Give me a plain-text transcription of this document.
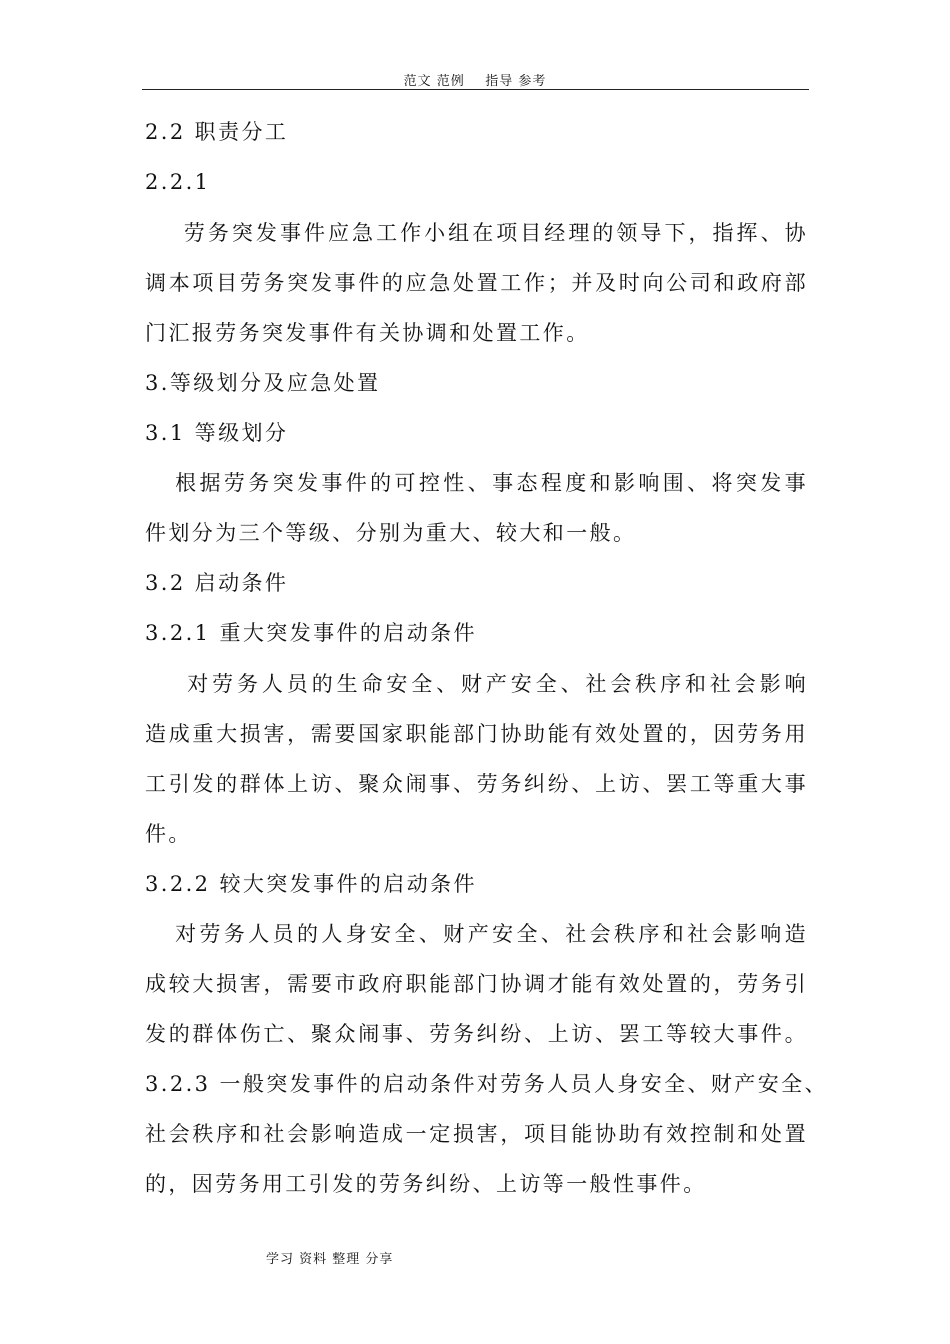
范文 范例    指导 参考
2.2 职责分工
2.2.1
劳务突发事件应急工作小组在项目经理的领导下，指挥、协
调本项目劳务突发事件的应急处置工作；并及时向公司和政府部
门汇报劳务突发事件有关协调和处置工作。
3.等级划分及应急处置
3.1 等级划分
根据劳务突发事件的可控性、事态程度和影响围、将突发事
件划分为三个等级、分别为重大、较大和一般。
3.2 启动条件
3.2.1 重大突发事件的启动条件
对劳务人员的生命安全、财产安全、社会秩序和社会影响
造成重大损害，需要国家职能部门协助能有效处置的，因劳务用
工引发的群体上访、聚众闹事、劳务纠纷、上访、罢工等重大事
件。
3.2.2 较大突发事件的启动条件
对劳务人员的人身安全、财产安全、社会秩序和社会影响造
成较大损害，需要市政府职能部门协调才能有效处置的，劳务引
发的群体伤亡、聚众闹事、劳务纠纷、上访、罢工等较大事件。
3.2.3 一般突发事件的启动条件对劳务人员人身安全、财产安全、
社会秩序和社会影响造成一定损害，项目能协助有效控制和处置
的，因劳务用工引发的劳务纠纷、上访等一般性事件。
学习 资料 整理 分享
